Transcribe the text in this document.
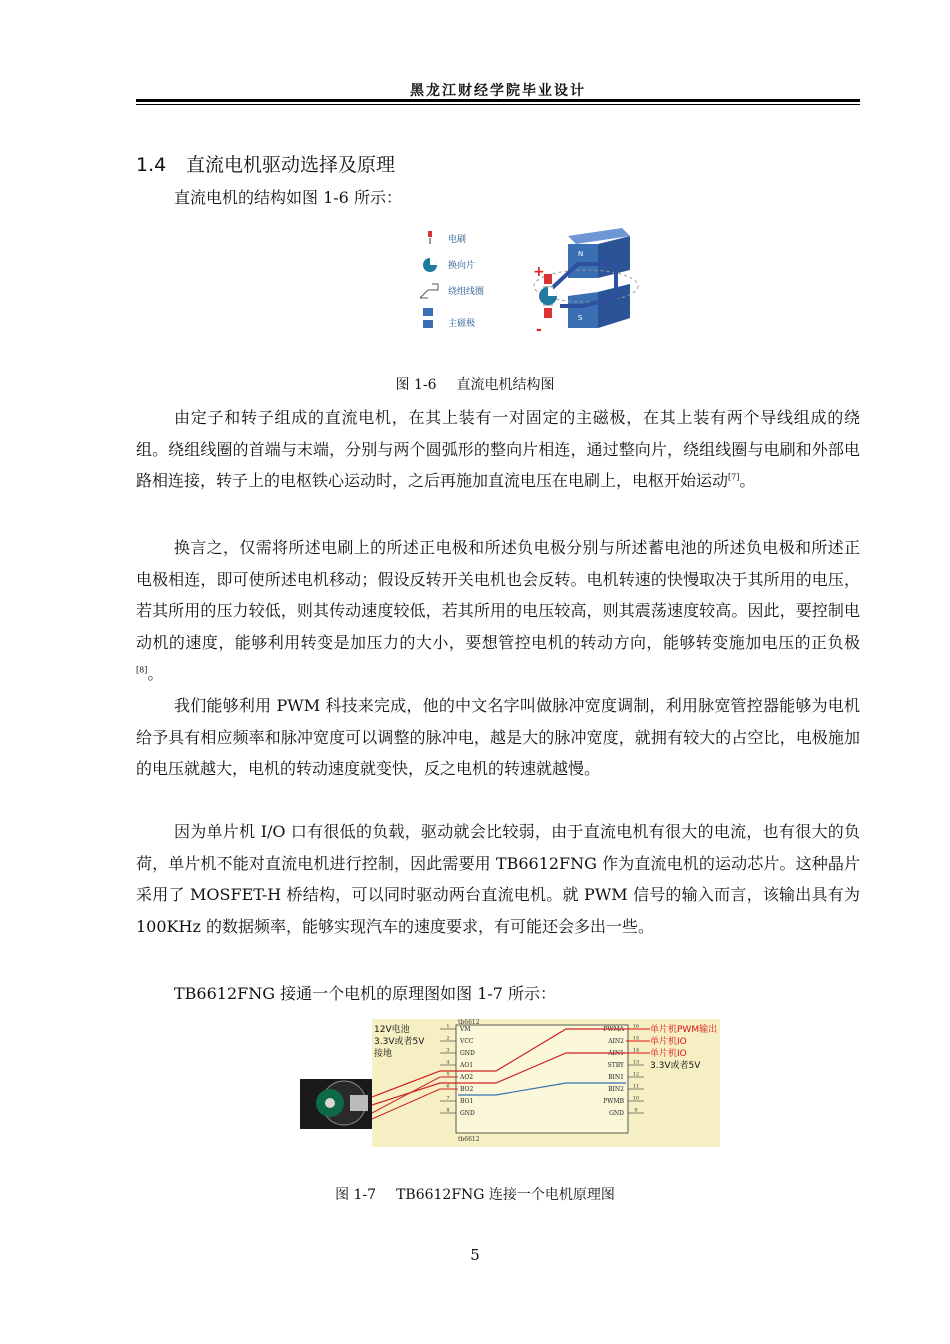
黑龙江财经学院毕业设计
1.4 直流电机驱动选择及原理

直流电机的结构如图 1-6 所示：

电刷
换向片
绕组线圈
主磁极
+
-
N
S
图 1-6 直流电机结构图

由定子和转子组成的直流电机，在其上装有一对固定的主磁极，在其上装有两个导线组成的绕组。绕组线圈的首端与末端，分别与两个圆弧形的整向片相连，通过整向片，绕组线圈与电刷和外部电路相连接，转子上的电枢铁心运动时，之后再施加直流电压在电刷上，电枢开始运动[7]。

换言之，仅需将所述电刷上的所述正电极和所述负电极分别与所述蓄电池的所述负电极和所述正电极相连，即可使所述电机移动；假设反转开关电机也会反转。电机转速的快慢取决于其所用的电压，若其所用的压力较低，则其传动速度较低，若其所用的电压较高，则其震荡速度较高。因此，要控制电动机的速度，能够利用转变是加压力的大小，要想管控电机的转动方向，能够转变施加电压的正负极[8]。

我们能够利用 PWM 科技来完成，他的中文名字叫做脉冲宽度调制，利用脉宽管控器能够为电机给予具有相应频率和脉冲宽度可以调整的脉冲电，越是大的脉冲宽度，就拥有较大的占空比，电极施加的电压就越大，电机的转动速度就变快，反之电机的转速就越慢。

因为单片机 I/O 口有很低的负载，驱动就会比较弱，由于直流电机有很大的电流，也有很大的负荷，单片机不能对直流电机进行控制，因此需要用 TB6612FNG 作为直流电机的运动芯片。这种晶片采用了 MOSFET-H 桥结构，可以同时驱动两台直流电机。就 PWM 信号的输入而言，该输出具有为 100KHz 的数据频率，能够实现汽车的速度要求，有可能还会多出一些。

TB6612FNG 接通一个电机的原理图如图 1-7 所示：

tb6612
tb6612
1 VM
2 VCC
3 GND
4 AO1
5 AO2
6 BO2
7 BO1
8 GND
16
PWMA
15
AIN2
14
AIN1
13
STBY
12
BIN1
11
BIN2
10
PWMB
9
GND
12V电池
3.3V或者5V
接地
单片机PWM输出
单片机IO
单片机IO
3.3V或者5V
图 1-7 TB6612FNG 连接一个电机原理图
5
